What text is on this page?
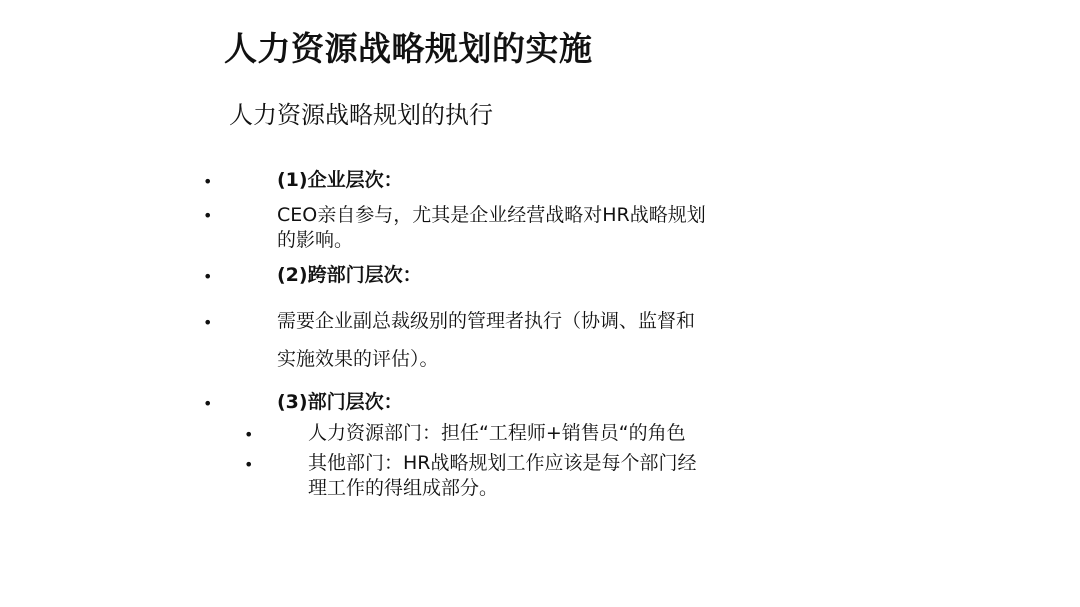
人力资源战略规划的实施
人力资源战略规划的执行
•	(1)企业层次：
•	CEO亲自参与，尤其是企业经营战略对HR战略规划
的影响。
•	(2)跨部门层次：
•	需要企业副总裁级别的管理者执行（协调、监督和
实施效果的评估）。
•	(3)部门层次：
•	人力资源部门：担任“工程师+销售员“的角色
•	其他部门：HR战略规划工作应该是每个部门经
理工作的得组成部分。
